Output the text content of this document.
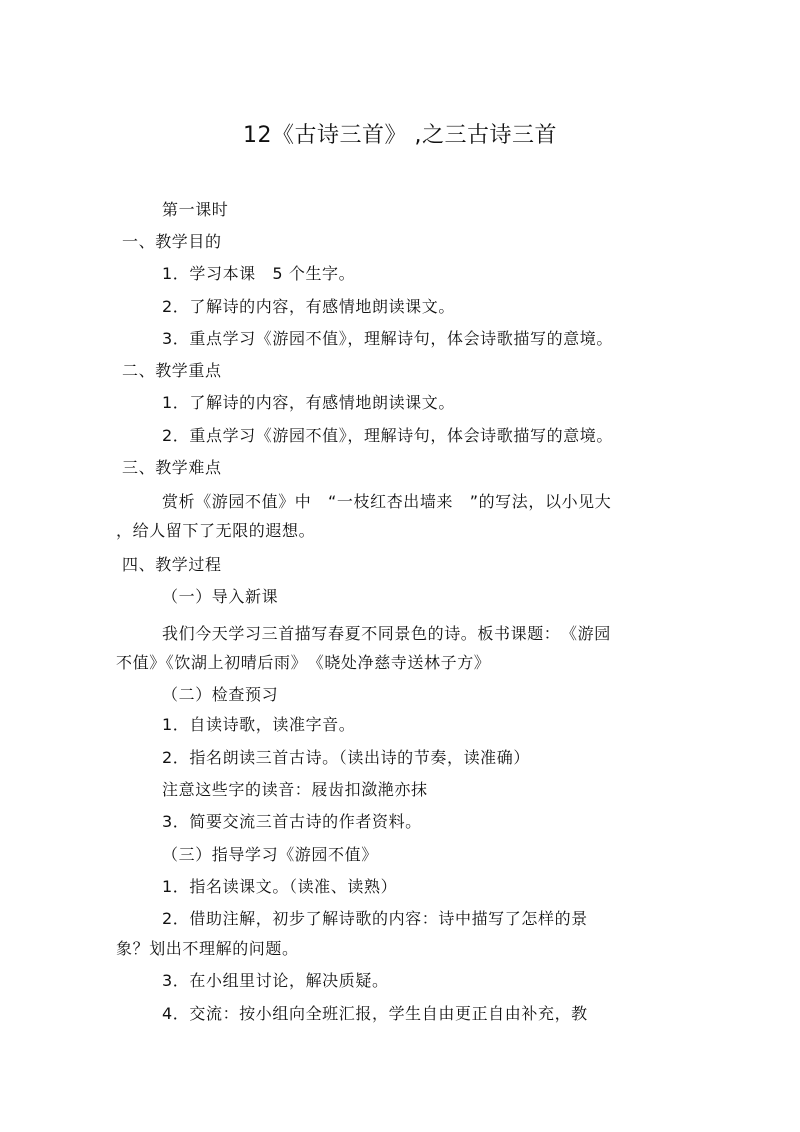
12《古诗三首》 ,之三古诗三首
第一课时
一、教学目的
1．学习本课　5 个生字。
2．了解诗的内容，有感情地朗读课文。
3．重点学习《游园不值》，理解诗句，体会诗歌描写的意境。
二、教学重点
1．了解诗的内容，有感情地朗读课文。
2．重点学习《游园不值》，理解诗句，体会诗歌描写的意境。
三、教学难点
赏析《游园不值》中　“一枝红杏出墙来　”的写法，以小见大
，给人留下了无限的遐想。
四、教学过程
（一）导入新课
我们今天学习三首描写春夏不同景色的诗。板书课题：　《游园
不值》《饮湖上初晴后雨》　《晓处净慈寺送林子方》
（二）检查预习
1．自读诗歌，读准字音。
2．指名朗读三首古诗。（读出诗的节奏，读准确）
注意这些字的读音：屐齿扣潋滟亦抹
3．简要交流三首古诗的作者资料。
（三）指导学习《游园不值》
1．指名读课文。（读准、读熟）
2．借助注解，初步了解诗歌的内容：诗中描写了怎样的景
象？划出不理解的问题。
3．在小组里讨论，解决质疑。
4．交流：按小组向全班汇报，学生自由更正自由补充，教
